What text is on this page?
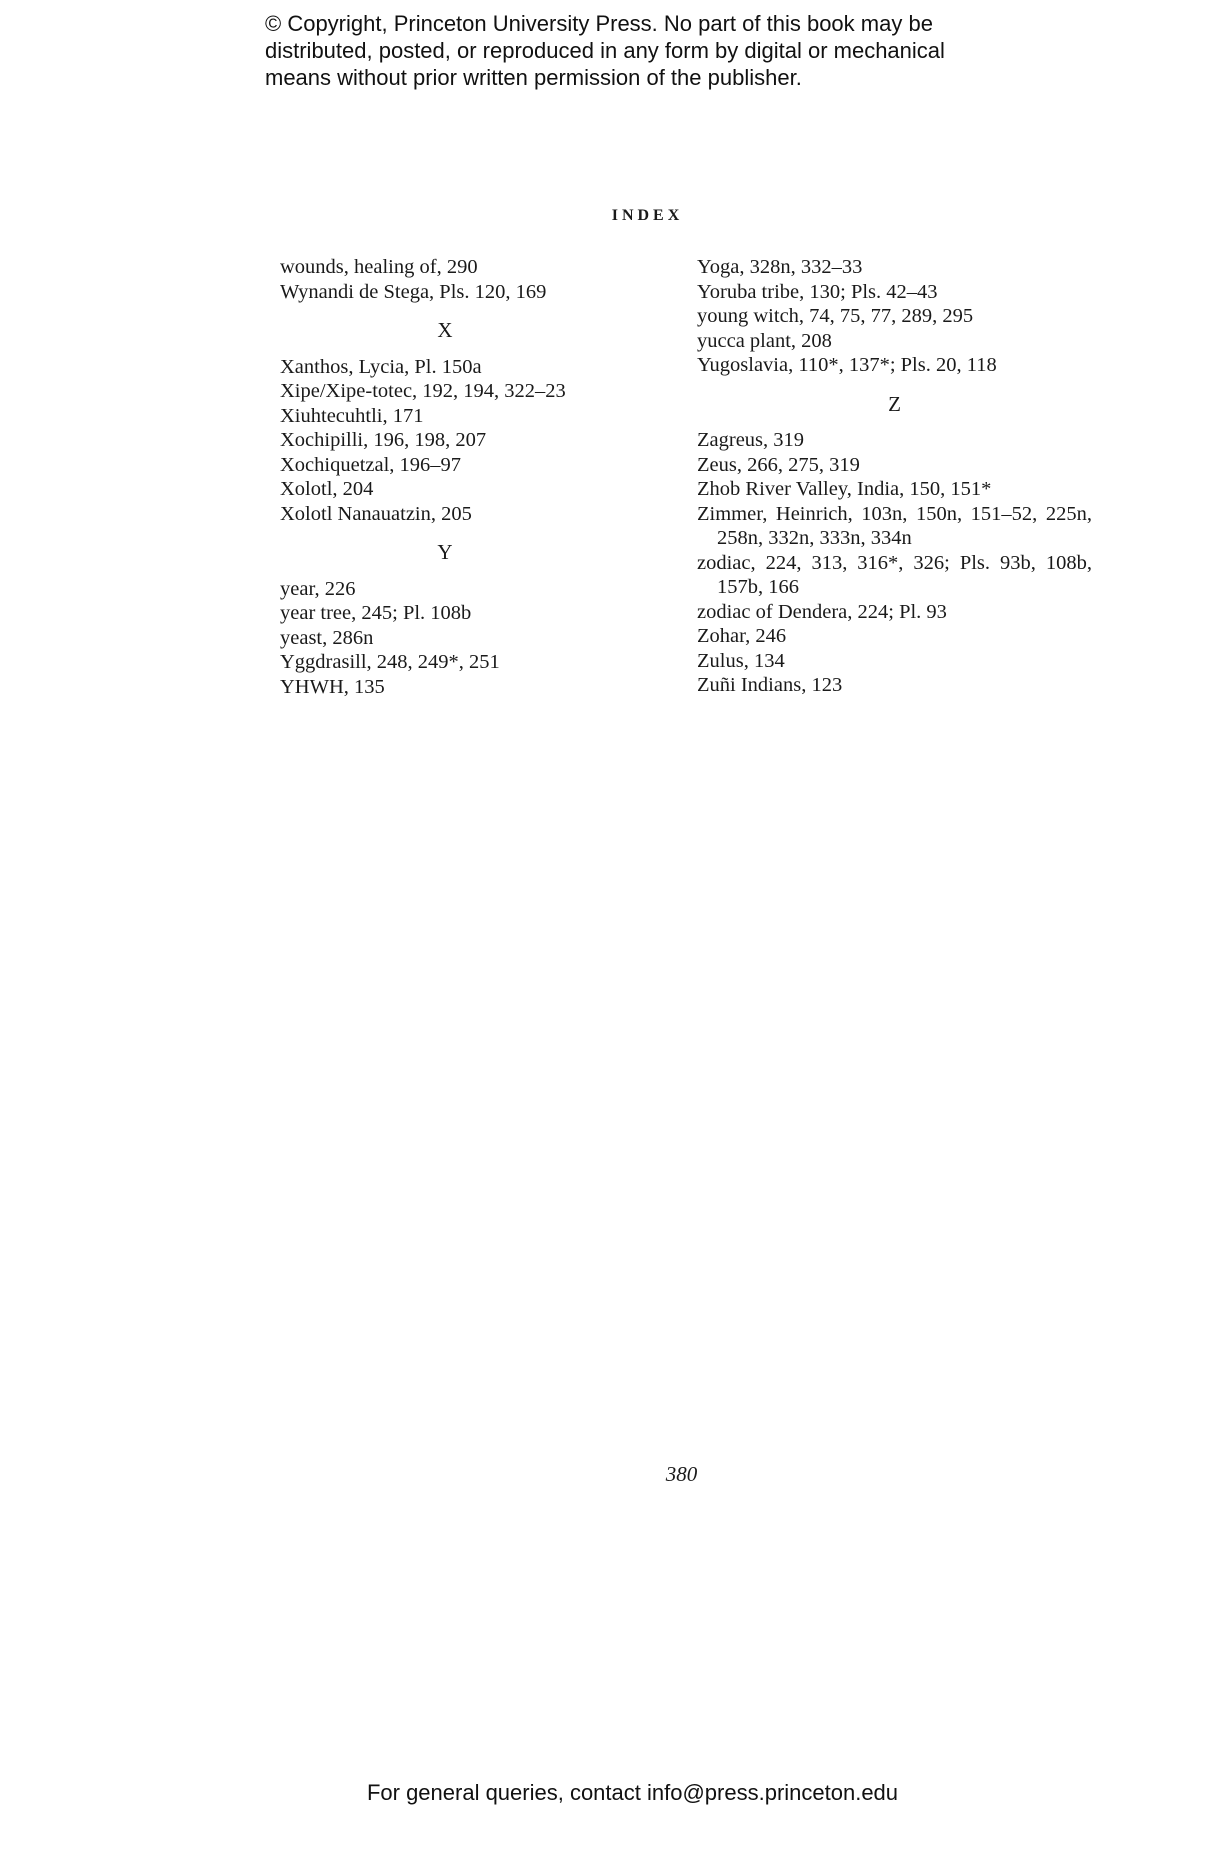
© Copyright, Princeton University Press. No part of this book may be
distributed, posted, or reproduced in any form by digital or mechanical
means without prior written permission of the publisher.
INDEX
wounds, healing of, 290
Wynandi de Stega, Pls. 120, 169
X
Xanthos, Lycia, Pl. 150a
Xipe/Xipe-totec, 192, 194, 322–23
Xiuhtecuhtli, 171
Xochipilli, 196, 198, 207
Xochiquetzal, 196–97
Xolotl, 204
Xolotl Nanauatzin, 205
Y
year, 226
year tree, 245; Pl. 108b
yeast, 286n
Yggdrasill, 248, 249*, 251
YHWH, 135
Yoga, 328n, 332–33
Yoruba tribe, 130; Pls. 42–43
young witch, 74, 75, 77, 289, 295
yucca plant, 208
Yugoslavia, 110*, 137*; Pls. 20, 118
Z
Zagreus, 319
Zeus, 266, 275, 319
Zhob River Valley, India, 150, 151*
Zimmer, Heinrich, 103n, 150n, 151–52, 225n, 258n, 332n, 333n, 334n
zodiac, 224, 313, 316*, 326; Pls. 93b, 108b, 157b, 166
zodiac of Dendera, 224; Pl. 93
Zohar, 246
Zulus, 134
Zuñi Indians, 123
380
For general queries, contact info@press.princeton.edu
